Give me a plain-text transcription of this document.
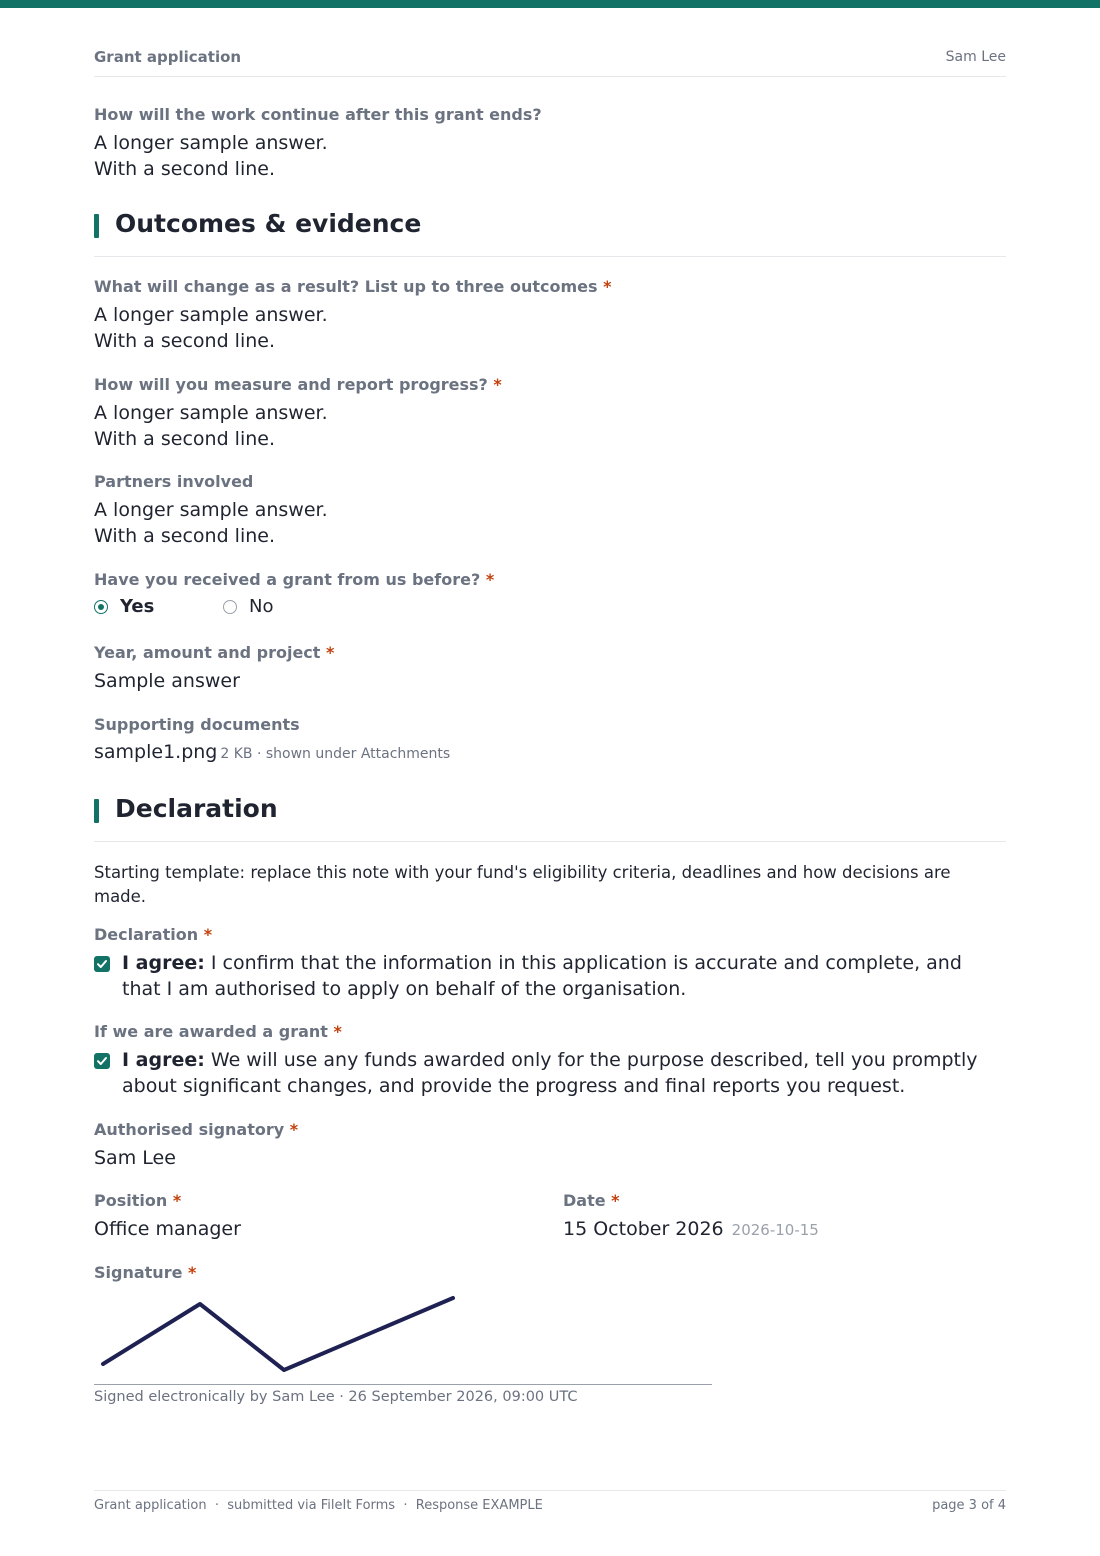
Grant application	Sam Lee
How will the work continue after this grant ends?
A longer sample answer.
With a second line.
Outcomes & evidence
What will change as a result? List up to three outcomes *
A longer sample answer.
With a second line.
How will you measure and report progress? *
A longer sample answer.
With a second line.
Partners involved
A longer sample answer.
With a second line.
Have you received a grant from us before? *
Yes	No
Year, amount and project *
Sample answer
Supporting documents
sample1.png 2 KB · shown under Attachments
Declaration
Starting template: replace this note with your fund's eligibility criteria, deadlines and how decisions are made.
Declaration *
I agree: I confirm that the information in this application is accurate and complete, and that I am authorised to apply on behalf of the organisation.
If we are awarded a grant *
I agree: We will use any funds awarded only for the purpose described, tell you promptly about significant changes, and provide the progress and final reports you request.
Authorised signatory *
Sam Lee
Position *
Office manager
Date *
15 October 2026 2026-10-15
Signature *
Signed electronically by Sam Lee · 26 September 2026, 09:00 UTC
Grant application  ·  submitted via FileIt Forms  ·  Response EXAMPLE	page 3 of 4
